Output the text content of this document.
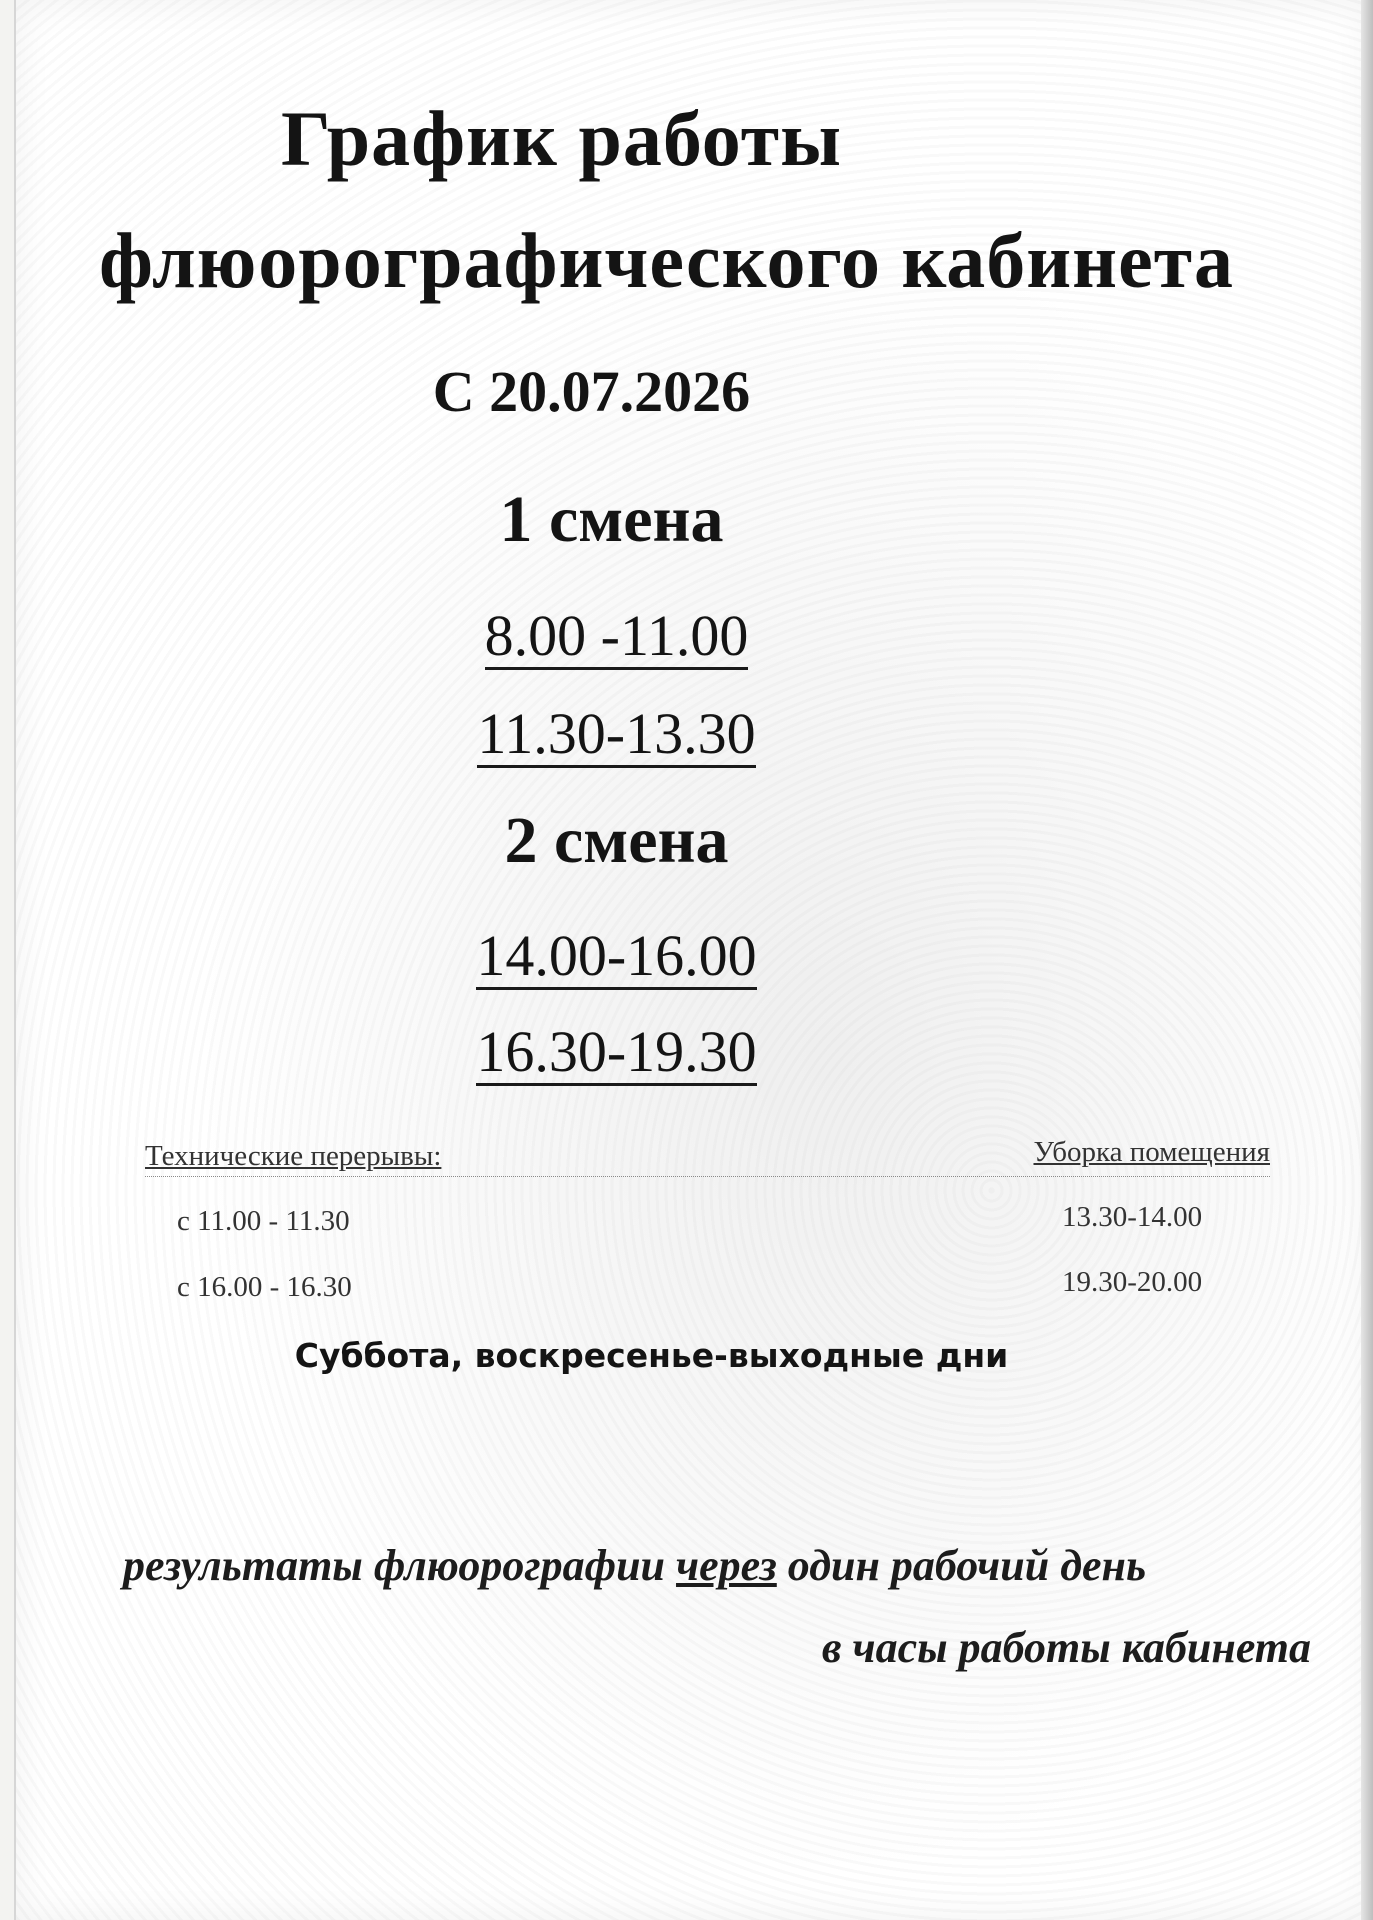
График работы
флюорографического кабинета

С 20.07.2026

1 смена

8.00 -11.00

11.30-13.30

2 смена

14.00-16.00

16.30-19.30

Технические перерывы:	Уборка помещения

с 11.00 - 11.30

с 16.00 - 16.30

13.30-14.00

19.30-20.00

Суббота, воскресенье-выходные дни

результаты флюорографии через один рабочий день

в часы работы кабинета
